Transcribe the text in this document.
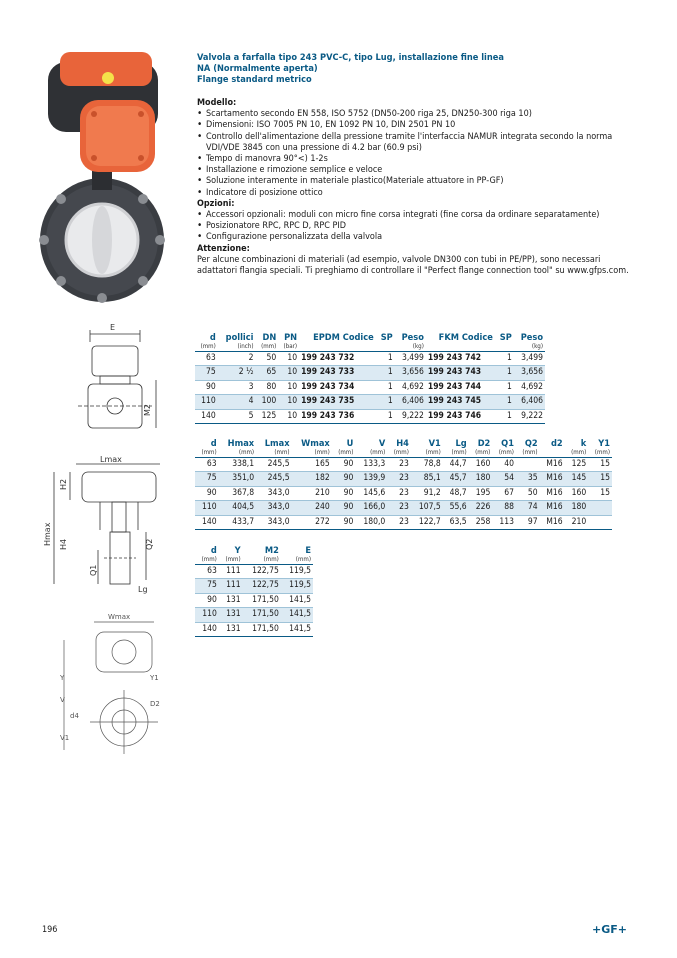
E
M2
Lmax
Hmax
H2
H4
Q1
Q2
Lg
Wmax
Y	Y1
V	D2
d4
V1
Valvola a farfalla tipo 243 PVC-C, tipo Lug, installazione fine linea
NA (Normalmente aperta)
Flange standard metrico
Modello:
• Scartamento secondo EN 558, ISO 5752 (DN50-200 riga 25, DN250-300 riga 10)
• Dimensioni: ISO 7005 PN 10, EN 1092 PN 10, DIN 2501 PN 10
• Controllo dell'alimentazione della pressione tramite l'interfaccia NAMUR integrata secondo la norma VDI/VDE 3845 con una pressione di 4.2 bar (60.9 psi)
• Tempo di manovra 90°<) 1-2s
• Installazione e rimozione semplice e veloce
• Soluzione interamente in materiale plastico(Materiale attuatore in PP-GF)
• Indicatore di posizione ottico
Opzioni:
• Accessori opzionali: moduli con micro fine corsa integrati (fine corsa da ordinare separatamente)
• Posizionatore RPC, RPC D, RPC PID
• Configurazione personalizzata della valvola
Attenzione:
Per alcune combinazioni di materiali (ad esempio, valvole DN300 con tubi in PE/PP), sono necessari adattatori flangia speciali. Ti preghiamo di controllare il "Perfect flange connection tool" su www.gfps.com.
d	pollici	DN	PN	EPDM Codice	SP	Peso	FKM Codice	SP	Peso
(mm)	(inch)	(mm)	(bar)			(kg)			(kg)
63	2	50	10	199 243 732	1	3,499	199 243 742	1	3,499
75	2 ½	65	10	199 243 733	1	3,656	199 243 743	1	3,656
90	3	80	10	199 243 734	1	4,692	199 243 744	1	4,692
110	4	100	10	199 243 735	1	6,406	199 243 745	1	6,406
140	5	125	10	199 243 736	1	9,222	199 243 746	1	9,222
d	Hmax	Lmax	Wmax	U	V	H4	V1	Lg	D2	Q1	Q2	d2	k	Y1
(mm)	(mm)	(mm)	(mm)	(mm)	(mm)	(mm)	(mm)	(mm)	(mm)	(mm)	(mm)		(mm)	(mm)
63	338,1	245,5	165	90	133,3	23	78,8	44,7	160	40		M16	125	15
75	351,0	245,5	182	90	139,9	23	85,1	45,7	180	54	35	M16	145	15
90	367,8	343,0	210	90	145,6	23	91,2	48,7	195	67	50	M16	160	15
110	404,5	343,0	240	90	166,0	23	107,5	55,6	226	88	74	M16	180	
140	433,7	343,0	272	90	180,0	23	122,7	63,5	258	113	97	M16	210	
d	Y	M2	E
(mm)	(mm)	(mm)	(mm)
63	111	122,75	119,5
75	111	122,75	119,5
90	131	171,50	141,5
110	131	171,50	141,5
140	131	171,50	141,5
196	+GF+
